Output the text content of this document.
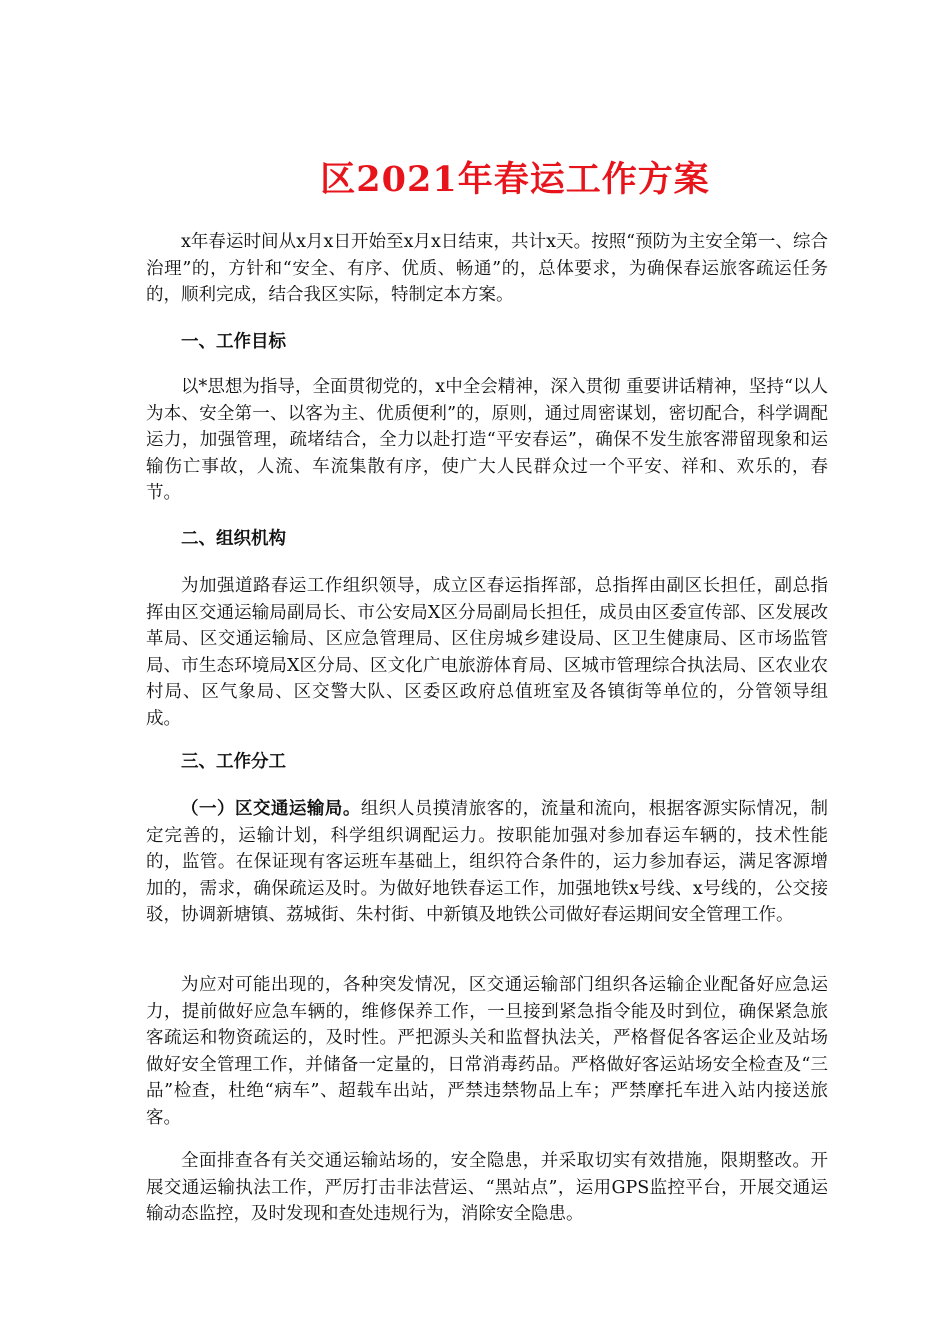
区2021年春运工作方案

x年春运时间从x月x日开始至x月x日结束，共计x天。按照“预防为主安全第一、综合治理”的，方针和“安全、有序、优质、畅通”的，总体要求，为确保春运旅客疏运任务的，顺利完成，结合我区实际，特制定本方案。

一、工作目标

以*思想为指导，全面贯彻党的，x中全会精神，深入贯彻 重要讲话精神，坚持“以人为本、安全第一、以客为主、优质便利”的，原则，通过周密谋划，密切配合，科学调配运力，加强管理，疏堵结合，全力以赴打造“平安春运”，确保不发生旅客滞留现象和运输伤亡事故，人流、车流集散有序，使广大人民群众过一个平安、祥和、欢乐的，春节。

二、组织机构

为加强道路春运工作组织领导，成立区春运指挥部，总指挥由副区长担任，副总指挥由区交通运输局副局长、市公安局X区分局副局长担任，成员由区委宣传部、区发展改革局、区交通运输局、区应急管理局、区住房城乡建设局、区卫生健康局、区市场监管局、市生态环境局X区分局、区文化广电旅游体育局、区城市管理综合执法局、区农业农村局、区气象局、区交警大队、区委区政府总值班室及各镇街等单位的，分管领导组成。

三、工作分工

（一）区交通运输局。组织人员摸清旅客的，流量和流向，根据客源实际情况，制定完善的，运输计划，科学组织调配运力。按职能加强对参加春运车辆的，技术性能的，监管。在保证现有客运班车基础上，组织符合条件的，运力参加春运，满足客源增加的，需求，确保疏运及时。为做好地铁春运工作，加强地铁x号线、x号线的，公交接驳，协调新塘镇、荔城街、朱村街、中新镇及地铁公司做好春运期间安全管理工作。

为应对可能出现的，各种突发情况，区交通运输部门组织各运输企业配备好应急运力，提前做好应急车辆的，维修保养工作，一旦接到紧急指令能及时到位，确保紧急旅客疏运和物资疏运的，及时性。严把源头关和监督执法关，严格督促各客运企业及站场做好安全管理工作，并储备一定量的，日常消毒药品。严格做好客运站场安全检查及“三品”检查，杜绝“病车”、超载车出站，严禁违禁物品上车；严禁摩托车进入站内接送旅客。

全面排查各有关交通运输站场的，安全隐患，并采取切实有效措施，限期整改。开展交通运输执法工作，严厉打击非法营运、“黑站点”，运用GPS监控平台，开展交通运输动态监控，及时发现和查处违规行为，消除安全隐患。
